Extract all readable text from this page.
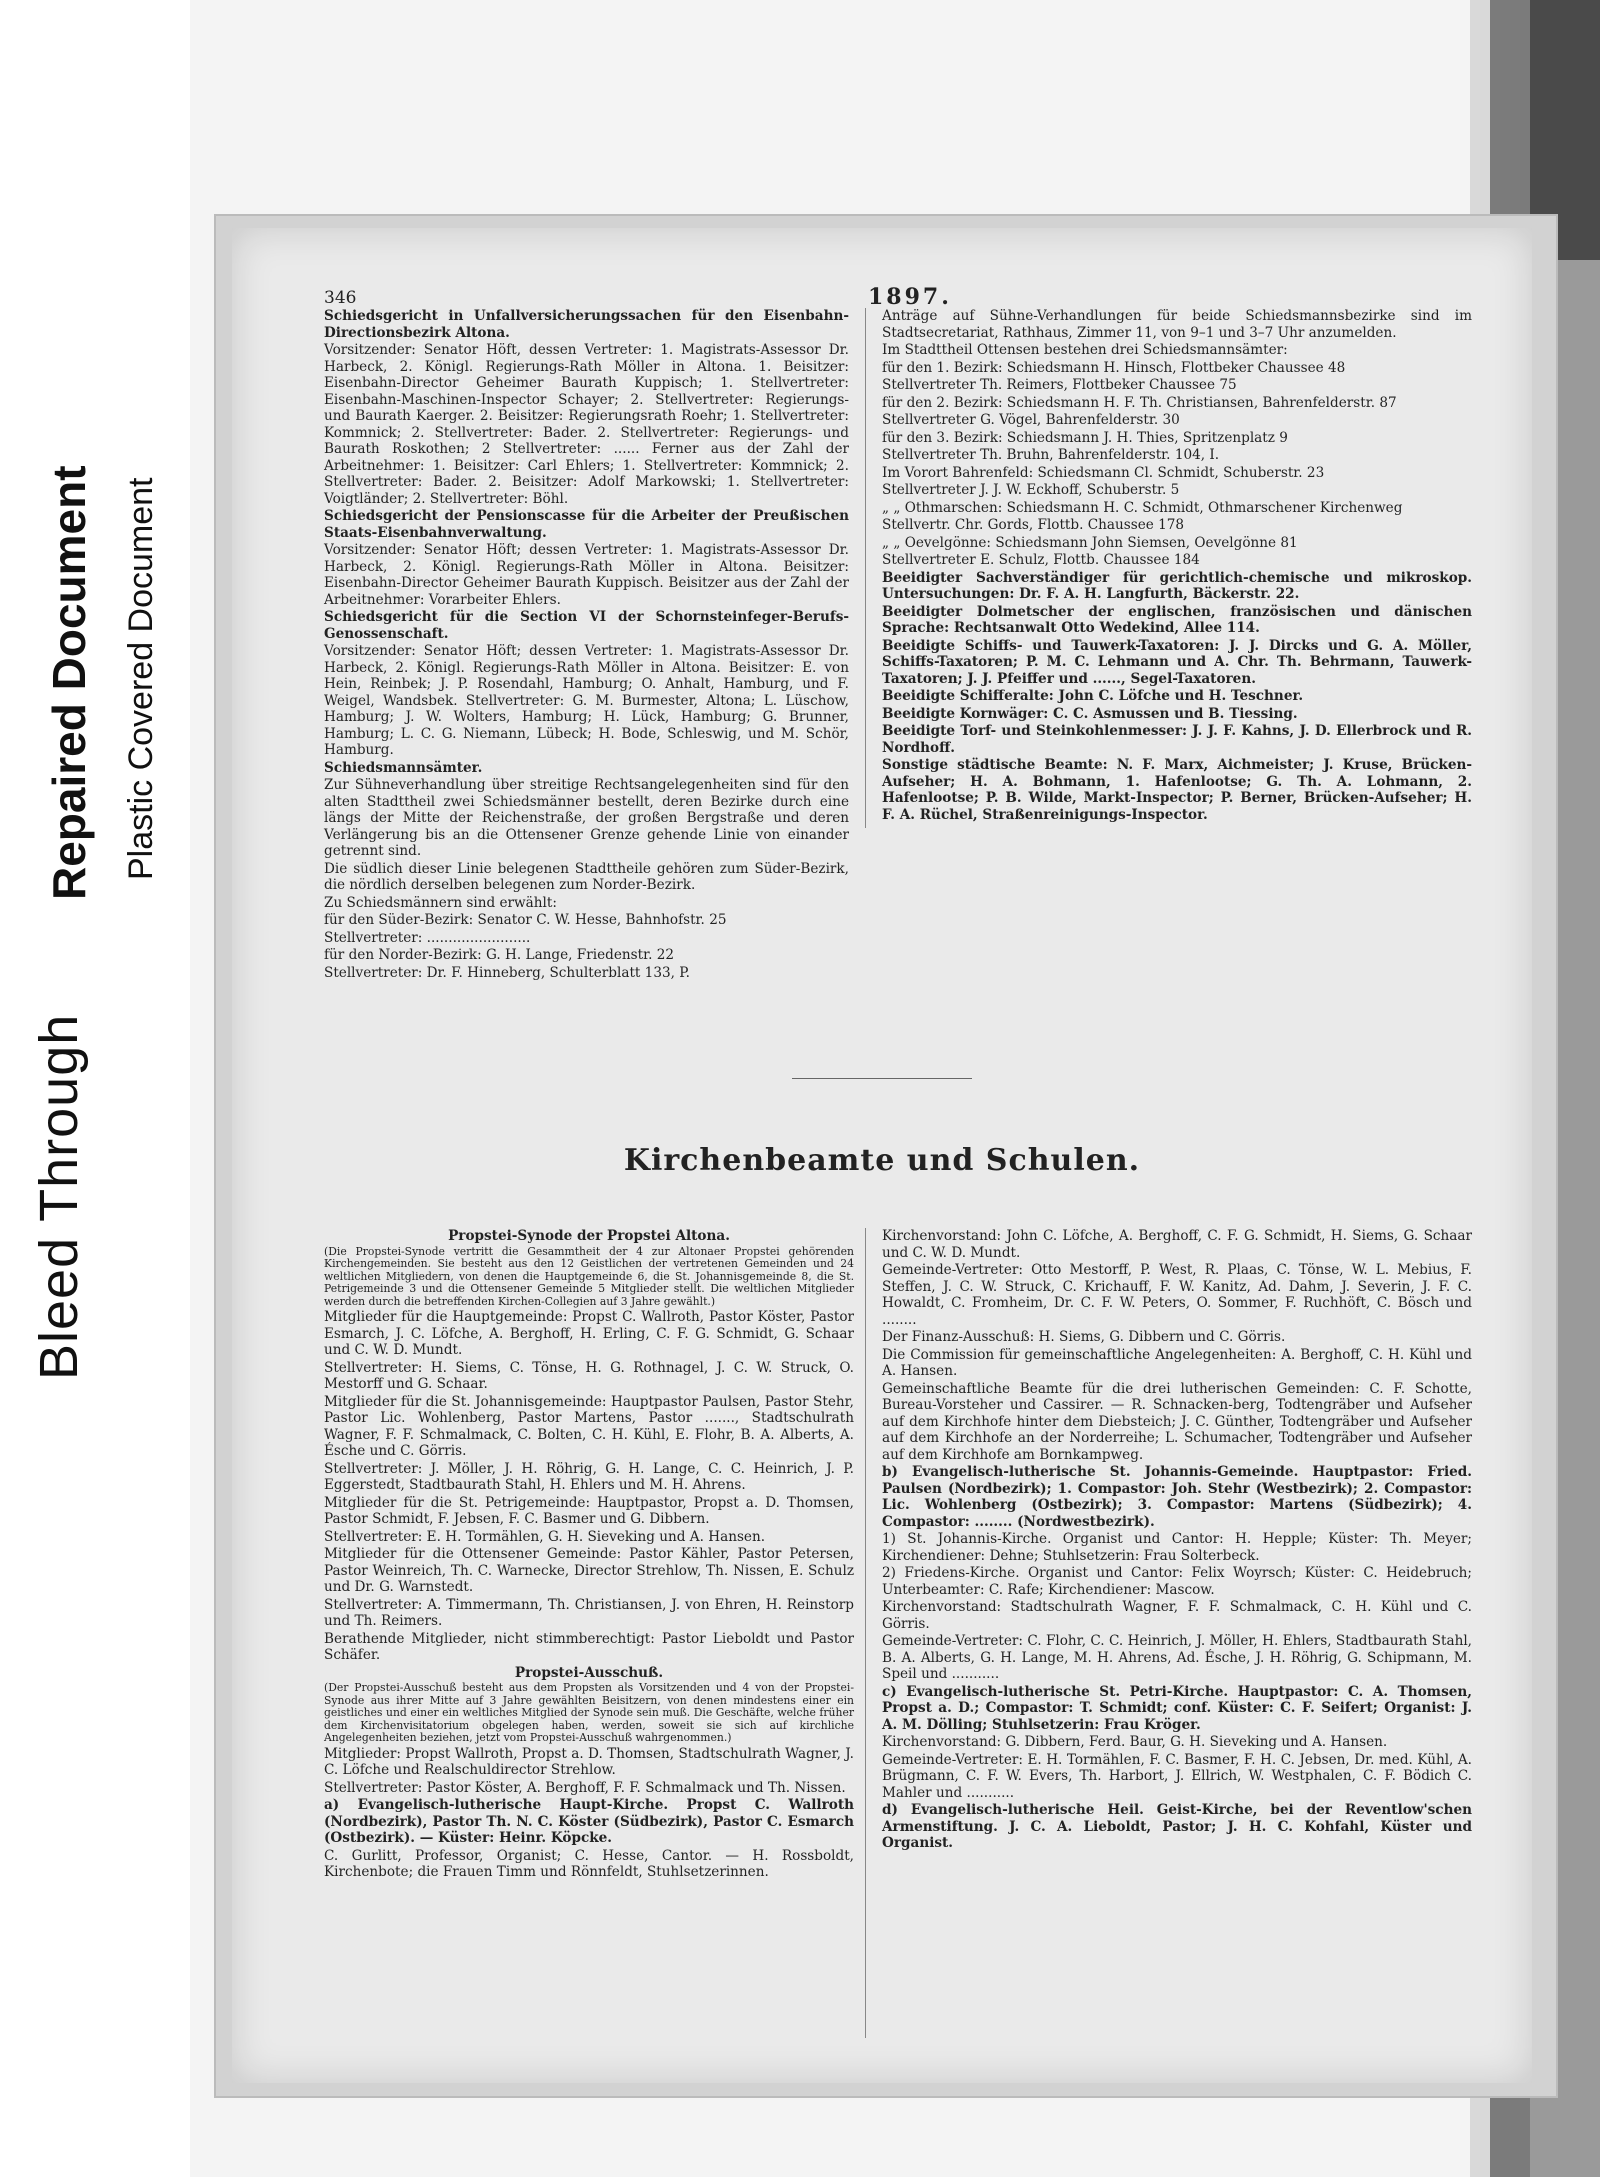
Bleed Through
Repaired Document Plastic Covered Document
346	1897.

Schiedsgericht in Unfallversicherungssachen für den Eisenbahn-Directionsbezirk Altona.

Vorsitzender: Senator Höft, dessen Vertreter: 1. Magistrats-Assessor Dr. Harbeck, 2. Königl. Regierungs-Rath Möller in Altona. 1. Beisitzer: Eisenbahn-Director Geheimer Baurath Kuppisch; 1. Stellvertreter: Eisenbahn-Maschinen-Inspector Schayer; 2. Stellvertreter: Regierungs- und Baurath Kaerger. 2. Beisitzer: Regierungsrath Roehr; 1. Stellvertreter: Kommnick; 2. Stellvertreter: Bader. 2. Stellvertreter: Regierungs- und Baurath Roskothen; 2 Stellvertreter: ...... Ferner aus der Zahl der Arbeitnehmer: 1. Beisitzer: Carl Ehlers; 1. Stellvertreter: Kommnick; 2. Stellvertreter: Bader. 2. Beisitzer: Adolf Markowski; 1. Stellvertreter: Voigtländer; 2. Stellvertreter: Böhl.

Schiedsgericht der Pensionscasse für die Arbeiter der Preußischen Staats-Eisenbahnverwaltung.

Vorsitzender: Senator Höft; dessen Vertreter: 1. Magistrats-Assessor Dr. Harbeck, 2. Königl. Regierungs-Rath Möller in Altona. Beisitzer: Eisenbahn-Director Geheimer Baurath Kuppisch. Beisitzer aus der Zahl der Arbeitnehmer: Vorarbeiter Ehlers.

Schiedsgericht für die Section VI der Schornsteinfeger-Berufs-Genossenschaft.

Vorsitzender: Senator Höft; dessen Vertreter: 1. Magistrats-Assessor Dr. Harbeck, 2. Königl. Regierungs-Rath Möller in Altona. Beisitzer: E. von Hein, Reinbek; J. P. Rosendahl, Hamburg; O. Anhalt, Hamburg, und F. Weigel, Wandsbek. Stellvertreter: G. M. Burmester, Altona; L. Lüschow, Hamburg; J. W. Wolters, Hamburg; H. Lück, Hamburg; G. Brunner, Hamburg; L. C. G. Niemann, Lübeck; H. Bode, Schleswig, und M. Schör, Hamburg.

Schiedsmannsämter.

Zur Sühneverhandlung über streitige Rechtsangelegenheiten sind für den alten Stadttheil zwei Schiedsmänner bestellt, deren Bezirke durch eine längs der Mitte der Reichenstraße, der großen Bergstraße und deren Verlängerung bis an die Ottensener Grenze gehende Linie von einander getrennt sind.

Die südlich dieser Linie belegenen Stadttheile gehören zum Süder-Bezirk, die nördlich derselben belegenen zum Norder-Bezirk.

Zu Schiedsmännern sind erwählt:

für den Süder-Bezirk: Senator C. W. Hesse, Bahnhofstr. 25

Stellvertreter: ........................

für den Norder-Bezirk: G. H. Lange, Friedenstr. 22

Stellvertreter: Dr. F. Hinneberg, Schulterblatt 133, P.

Anträge auf Sühne-Verhandlungen für beide Schiedsmannsbezirke sind im Stadtsecretariat, Rathhaus, Zimmer 11, von 9–1 und 3–7 Uhr anzumelden.

Im Stadttheil Ottensen bestehen drei Schiedsmannsämter:

für den 1. Bezirk: Schiedsmann H. Hinsch, Flottbeker Chaussee 48

Stellvertreter Th. Reimers, Flottbeker Chaussee 75

für den 2. Bezirk: Schiedsmann H. F. Th. Christiansen, Bahrenfelderstr. 87

Stellvertreter G. Vögel, Bahrenfelderstr. 30

für den 3. Bezirk: Schiedsmann J. H. Thies, Spritzenplatz 9

Stellvertreter Th. Bruhn, Bahrenfelderstr. 104, I.

Im Vorort Bahrenfeld: Schiedsmann Cl. Schmidt, Schuberstr. 23

Stellvertreter J. J. W. Eckhoff, Schuberstr. 5

„ „ Othmarschen: Schiedsmann H. C. Schmidt, Othmarschener Kirchenweg

Stellvertr. Chr. Gords, Flottb. Chaussee 178

„ „ Oevelgönne: Schiedsmann John Siemsen, Oevelgönne 81

Stellvertreter E. Schulz, Flottb. Chaussee 184

Beeidigter Sachverständiger für gerichtlich-chemische und mikroskop. Untersuchungen: Dr. F. A. H. Langfurth, Bäckerstr. 22.

Beeidigter Dolmetscher der englischen, französischen und dänischen Sprache: Rechtsanwalt Otto Wedekind, Allee 114.

Beeidigte Schiffs- und Tauwerk-Taxatoren: J. J. Dircks und G. A. Möller, Schiffs-Taxatoren; P. M. C. Lehmann und A. Chr. Th. Behrmann, Tauwerk-Taxatoren; J. J. Pfeiffer und ......, Segel-Taxatoren.

Beeidigte Schifferalte: John C. Löfche und H. Teschner.

Beeidigte Kornwäger: C. C. Asmussen und B. Tiessing.

Beeidigte Torf- und Steinkohlenmesser: J. J. F. Kahns, J. D. Ellerbrock und R. Nordhoff.

Sonstige städtische Beamte: N. F. Marx, Aichmeister; J. Kruse, Brücken-Aufseher; H. A. Bohmann, 1. Hafenlootse; G. Th. A. Lohmann, 2. Hafenlootse; P. B. Wilde, Markt-Inspector; P. Berner, Brücken-Aufseher; H. F. A. Rüchel, Straßenreinigungs-Inspector.

Kirchenbeamte und Schulen.

Propstei-Synode der Propstei Altona.

(Die Propstei-Synode vertritt die Gesammtheit der 4 zur Altonaer Propstei gehörenden Kirchengemeinden. Sie besteht aus den 12 Geistlichen der vertretenen Gemeinden und 24 weltlichen Mitgliedern, von denen die Hauptgemeinde 6, die St. Johannisgemeinde 8, die St. Petrigemeinde 3 und die Ottensener Gemeinde 5 Mitglieder stellt. Die weltlichen Mitglieder werden durch die betreffenden Kirchen-Collegien auf 3 Jahre gewählt.)

Mitglieder für die Hauptgemeinde: Propst C. Wallroth, Pastor Köster, Pastor Esmarch, J. C. Löfche, A. Berghoff, H. Erling, C. F. G. Schmidt, G. Schaar und C. W. D. Mundt.

Stellvertreter: H. Siems, C. Tönse, H. G. Rothnagel, J. C. W. Struck, O. Mestorff und G. Schaar.

Mitglieder für die St. Johannisgemeinde: Hauptpastor Paulsen, Pastor Stehr, Pastor Lic. Wohlenberg, Pastor Martens, Pastor ......., Stadtschulrath Wagner, F. F. Schmalmack, C. Bolten, C. H. Kühl, E. Flohr, B. A. Alberts, A. Ésche und C. Görris.

Stellvertreter: J. Möller, J. H. Röhrig, G. H. Lange, C. C. Heinrich, J. P. Eggerstedt, Stadtbaurath Stahl, H. Ehlers und M. H. Ahrens.

Mitglieder für die St. Petrigemeinde: Hauptpastor, Propst a. D. Thomsen, Pastor Schmidt, F. Jebsen, F. C. Basmer und G. Dibbern.

Stellvertreter: E. H. Tormählen, G. H. Sieveking und A. Hansen.

Mitglieder für die Ottensener Gemeinde: Pastor Kähler, Pastor Petersen, Pastor Weinreich, Th. C. Warnecke, Director Strehlow, Th. Nissen, E. Schulz und Dr. G. Warnstedt.

Stellvertreter: A. Timmermann, Th. Christiansen, J. von Ehren, H. Reinstorp und Th. Reimers.

Berathende Mitglieder, nicht stimmberechtigt: Pastor Lieboldt und Pastor Schäfer.

Propstei-Ausschuß.

(Der Propstei-Ausschuß besteht aus dem Propsten als Vorsitzenden und 4 von der Propstei-Synode aus ihrer Mitte auf 3 Jahre gewählten Beisitzern, von denen mindestens einer ein geistliches und einer ein weltliches Mitglied der Synode sein muß. Die Geschäfte, welche früher dem Kirchenvisitatorium obgelegen haben, werden, soweit sie sich auf kirchliche Angelegenheiten beziehen, jetzt vom Propstei-Ausschuß wahrgenommen.)

Mitglieder: Propst Wallroth, Propst a. D. Thomsen, Stadtschulrath Wagner, J. C. Löfche und Realschuldirector Strehlow.

Stellvertreter: Pastor Köster, A. Berghoff, F. F. Schmalmack und Th. Nissen.

a) Evangelisch-lutherische Haupt-Kirche. Propst C. Wallroth (Nordbezirk), Pastor Th. N. C. Köster (Südbezirk), Pastor C. Esmarch (Ostbezirk). — Küster: Heinr. Köpcke.

C. Gurlitt, Professor, Organist; C. Hesse, Cantor. — H. Rossboldt, Kirchenbote; die Frauen Timm und Rönnfeldt, Stuhlsetzerinnen.

Kirchenvorstand: John C. Löfche, A. Berghoff, C. F. G. Schmidt, H. Siems, G. Schaar und C. W. D. Mundt.

Gemeinde-Vertreter: Otto Mestorff, P. West, R. Plaas, C. Tönse, W. L. Mebius, F. Steffen, J. C. W. Struck, C. Krichauff, F. W. Kanitz, Ad. Dahm, J. Severin, J. F. C. Howaldt, C. Fromheim, Dr. C. F. W. Peters, O. Sommer, F. Ruchhöft, C. Bösch und ........

Der Finanz-Ausschuß: H. Siems, G. Dibbern und C. Görris.

Die Commission für gemeinschaftliche Angelegenheiten: A. Berghoff, C. H. Kühl und A. Hansen.

Gemeinschaftliche Beamte für die drei lutherischen Gemeinden: C. F. Schotte, Bureau-Vorsteher und Cassirer. — R. Schnacken-berg, Todtengräber und Aufseher auf dem Kirchhofe hinter dem Diebsteich; J. C. Günther, Todtengräber und Aufseher auf dem Kirchhofe an der Norderreihe; L. Schumacher, Todtengräber und Aufseher auf dem Kirchhofe am Bornkampweg.

b) Evangelisch-lutherische St. Johannis-Gemeinde. Hauptpastor: Fried. Paulsen (Nordbezirk); 1. Compastor: Joh. Stehr (Westbezirk); 2. Compastor: Lic. Wohlenberg (Ostbezirk); 3. Compastor: Martens (Südbezirk); 4. Compastor: ........ (Nordwestbezirk).

1) St. Johannis-Kirche. Organist und Cantor: H. Hepple; Küster: Th. Meyer; Kirchendiener: Dehne; Stuhlsetzerin: Frau Solterbeck.

2) Friedens-Kirche. Organist und Cantor: Felix Woyrsch; Küster: C. Heidebruch; Unterbeamter: C. Rafe; Kirchendiener: Mascow.

Kirchenvorstand: Stadtschulrath Wagner, F. F. Schmalmack, C. H. Kühl und C. Görris.

Gemeinde-Vertreter: C. Flohr, C. C. Heinrich, J. Möller, H. Ehlers, Stadtbaurath Stahl, B. A. Alberts, G. H. Lange, M. H. Ahrens, Ad. Ésche, J. H. Röhrig, G. Schipmann, M. Speil und ...........

c) Evangelisch-lutherische St. Petri-Kirche. Hauptpastor: C. A. Thomsen, Propst a. D.; Compastor: T. Schmidt; conf. Küster: C. F. Seifert; Organist: J. A. M. Dölling; Stuhlsetzerin: Frau Kröger.

Kirchenvorstand: G. Dibbern, Ferd. Baur, G. H. Sieveking und A. Hansen.

Gemeinde-Vertreter: E. H. Tormählen, F. C. Basmer, F. H. C. Jebsen, Dr. med. Kühl, A. Brügmann, C. F. W. Evers, Th. Harbort, J. Ellrich, W. Westphalen, C. F. Bödich C. Mahler und ...........

d) Evangelisch-lutherische Heil. Geist-Kirche, bei der Reventlow'schen Armenstiftung. J. C. A. Lieboldt, Pastor; J. H. C. Kohfahl, Küster und Organist.
